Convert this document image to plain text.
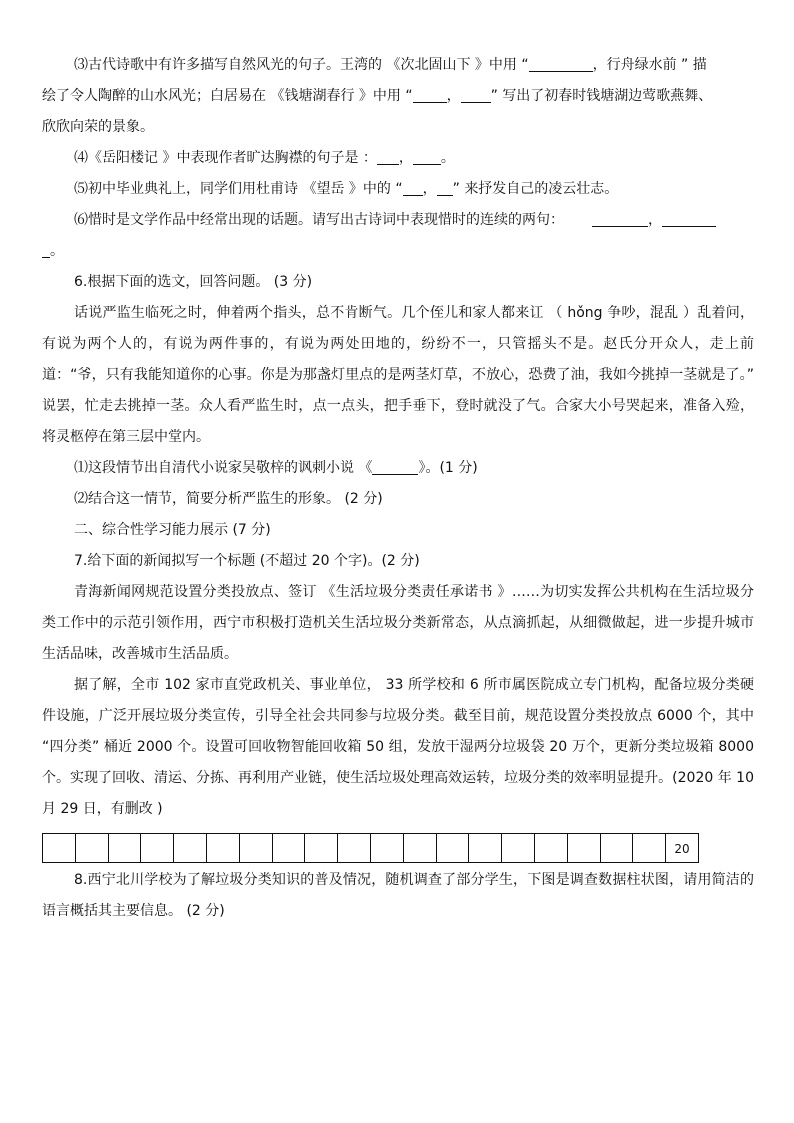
⑶古代诗歌中有许多描写自然风光的句子。王湾的 《次北固山下 》中用 “	，行舟绿水前 ” 描
绘了令人陶醉的山水风光；白居易在 《钱塘湖春行 》中用 “ ， ” 写出了初春时钱塘湖边莺歌燕舞、
欣欣向荣的景象。
⑷《岳阳楼记 》中表现作者旷达胸襟的句子是 ： ， 。
⑸初中毕业典礼上，同学们用杜甫诗 《望岳 》中的 “ ， ” 来抒发自己的凌云壮志。
⑹惜时是文学作品中经常出现的话题。请写出古诗词中表现惜时的连续的两句：	，
。
6.根据下面的选文，回答问题。 (3 分)
话说严监生临死之时，伸着两个指头，总不肯断气。几个侄儿和家人都来讧 （ hǒng 争吵，混乱 ）乱着问，有说为两个人的，有说为两件事的，有说为两处田地的，纷纷不一，只管摇头不是。赵氏分开众人，走上前道：“爷，只有我能知道你的心事。你是为那盏灯里点的是两茎灯草，不放心，恐费了油，我如今挑掉一茎就是了。” 说罢，忙走去挑掉一茎。众人看严监生时，点一点头，把手垂下，登时就没了气。合家大小号哭起来，准备入殓，将灵柩停在第三层中堂内。
⑴这段情节出自清代小说家吴敬梓的讽刺小说 《	》。(1 分)
⑵结合这一情节，简要分析严监生的形象。 (2 分)
二、综合性学习能力展示 (7 分)
7.给下面的新闻拟写一个标题 (不超过 20 个字)。(2 分)
青海新闻网规范设置分类投放点、签订 《生活垃圾分类责任承诺书 》……为切实发挥公共机构在生活垃圾分类工作中的示范引领作用，西宁市积极打造机关生活垃圾分类新常态，从点滴抓起，从细微做起，进一步提升城市生活品味，改善城市生活品质。
据了解，全市 102 家市直党政机关、事业单位， 33 所学校和 6 所市属医院成立专门机构，配备垃圾分类硬件设施，广泛开展垃圾分类宣传，引导全社会共同参与垃圾分类。截至目前，规范设置分类投放点 6000 个，其中 “四分类” 桶近 2000 个。设置可回收物智能回收箱 50 组，发放干湿两分垃圾袋 20 万个，更新分类垃圾箱 8000 个。实现了回收、清运、分拣、再利用产业链，使生活垃圾处理高效运转，垃圾分类的效率明显提升。(2020 年 10 月 29 日，有删改 )
20
8.西宁北川学校为了解垃圾分类知识的普及情况，随机调查了部分学生，下图是调查数据柱状图，请用简洁的语言概括其主要信息。 (2 分)
